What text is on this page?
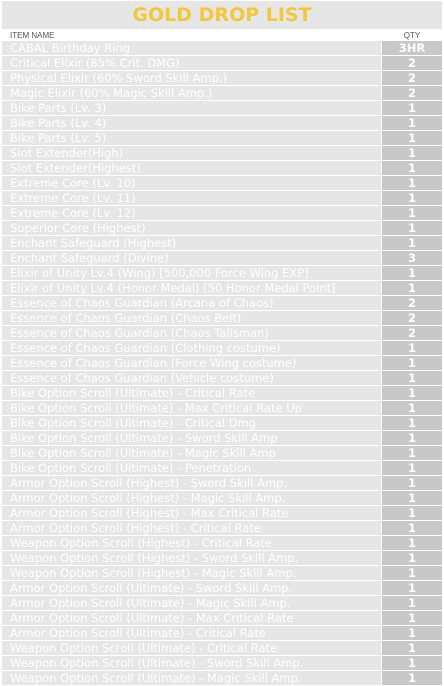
GOLD DROP LIST
ITEM NAME	QTY
CABAL Birthday Ring	3HR
Critical Elixir (85% Crit. DMG)	2
Physical Elixir (60% Sword Skill Amp.)	2
Magic Elixir (60% Magic Skill Amp.)	2
Bike Parts (Lv. 3)	1
Bike Parts (Lv. 4)	1
Bike Parts (Lv. 5)	1
Slot Extender(High)	1
Slot Extender(Highest)	1
Extreme Core (Lv. 10)	1
Extreme Core (Lv. 11)	1
Extreme Core (Lv. 12)	1
Superior Core (Highest)	1
Enchant Safeguard (Highest)	1
Enchant Safeguard (Divine)	3
Elixir of Unity Lv.4 (Wing) [500,000 Force Wing EXP]	1
Elixir of Unity Lv.4 (Honor Medal) [50 Honor Medal Point]	1
Essence of Chaos Guardian (Arcana of Chaos)	2
Essence of Chaos Guardian (Chaos Belt)	2
Essence of Chaos Guardian (Chaos Talisman)	2
Essence of Chaos Guardian (Clothing costume)	1
Essence of Chaos Guardian (Force Wing costume)	1
Essence of Chaos Guardian (Vehicle costume)	1
Bike Option Scroll (Ultimate) - Critical Rate	1
Bike Option Scroll (Ultimate) - Max Critical Rate Up	1
Bike Option Scroll (Ultimate) - Critical Dmg	1
Bike Option Scroll (Ultimate) - Sword Skill Amp	1
Bike Option Scroll (Ultimate) - Magic Skill Amp	1
Bike Option Scroll (Ultimate) - Penetration	1
Armor Option Scroll (Highest) - Sword Skill Amp.	1
Armor Option Scroll (Highest) - Magic Skill Amp.	1
Armor Option Scroll (Highest) - Max Critical Rate	1
Armor Option Scroll (Highest) - Critical Rate	1
Weapon Option Scroll (Highest) - Critical Rate	1
Weapon Option Scroll (Highest) - Sword Skill Amp.	1
Weapon Option Scroll (Highest) - Magic Skill Amp.	1
Armor Option Scroll (Ultimate) - Sword Skill Amp.	1
Armor Option Scroll (Ultimate) - Magic Skill Amp.	1
Armor Option Scroll (Ultimate) - Max Critical Rate	1
Armor Option Scroll (Ultimate) - Critical Rate	1
Weapon Option Scroll (Ultimate) - Critical Rate	1
Weapon Option Scroll (Ultimate) - Sword Skill Amp.	1
Weapon Option Scroll (Ultimate) - Magic Skill Amp.	1
